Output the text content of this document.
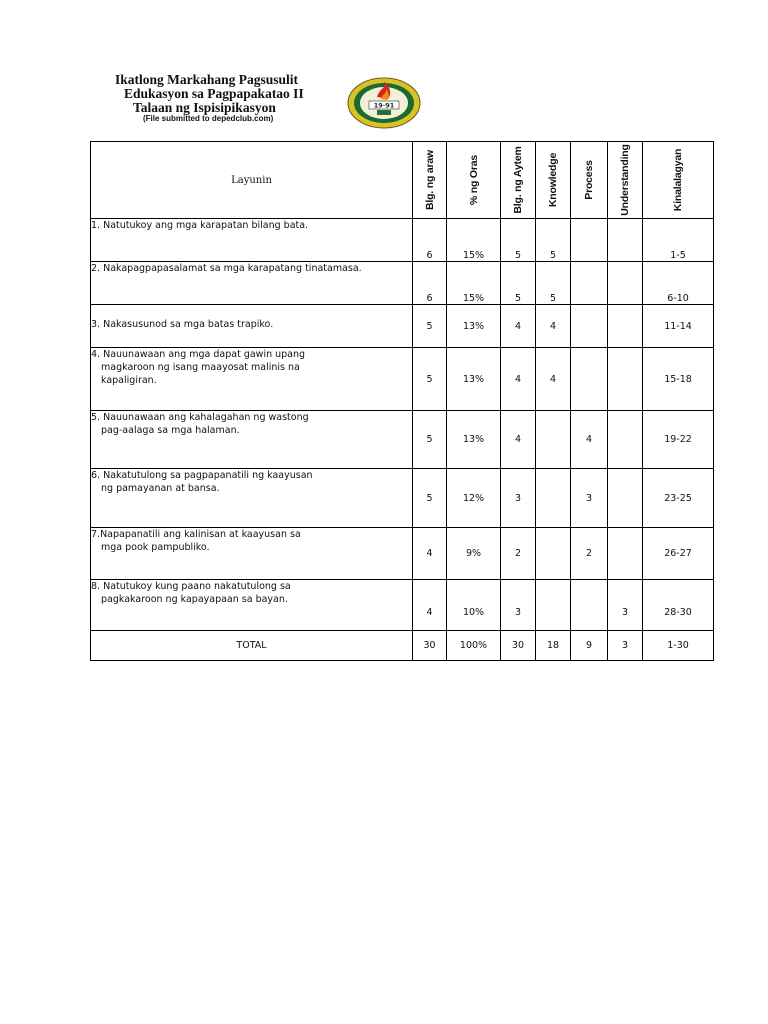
Ikatlong Markahang Pagsusulit
Edukasyon sa Pagpapakatao II
Talaan ng Ispisipikasyon
(File submitted to depedclub.com)
19·91
Layunin	Blg. ng araw	% ng Oras	Blg. ng Aytem	Knowledge	Process	Understanding	Kinalalagyan

1. Natutukoy ang mga karapatan bilang bata.	6	15%	5	5			1-5

2. Nakapagpapasalamat sa mga karapatang tinatamasa.	6	15%	5	5			6-10

3. Nakasusunod sa mga batas trapiko.	5	13%	4	4			11-14

4. Nauunawaan ang mga dapat gawin upang
magkaroon ng isang maayosat malinis na
kapaligiran.	5	13%	4	4			15-18

5. Nauunawaan ang kahalagahan ng wastong
pag-aalaga sa mga halaman.	5	13%	4		4		19-22

6. Nakatutulong sa pagpapanatili ng kaayusan
ng pamayanan at bansa.	5	12%	3		3		23-25

7.Napapanatili ang kalinisan at kaayusan sa
mga pook pampubliko.	4	9%	2		2		26-27

8. Natutukoy kung paano nakatutulong sa
pagkakaroon ng kapayapaan sa bayan.	4	10%	3			3	28-30
TOTAL	30	100%	30	18	9	3	1-30
